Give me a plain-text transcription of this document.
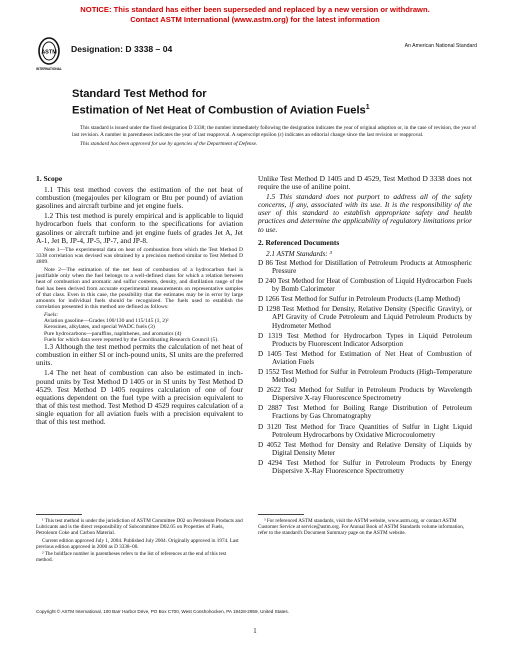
NOTICE: This standard has either been superseded and replaced by a new version or withdrawn.
Contact ASTM International (www.astm.org) for the latest information
ASTM
INTERNATIONAL
Designation: D 3338 – 04	An American National Standard
Standard Test Method for
Estimation of Net Heat of Combustion of Aviation Fuels$^1$

This standard is issued under the fixed designation D 3338; the number immediately following the designation indicates the year of original adoption or, in the case of revision, the year of last revision. A number in parentheses indicates the year of last reapproval. A superscript epsilon (ε) indicates an editorial change since the last revision or reapproval.

This standard has been approved for use by agencies of the Department of Defense.

1. Scope

1.1 This test method covers the estimation of the net heat of combustion (megajoules per kilogram or Btu per pound) of aviation gasolines and aircraft turbine and jet engine fuels.

1.2 This test method is purely empirical and is applicable to liquid hydrocarbon fuels that conform to the specifications for aviation gasolines or aircraft turbine and jet engine fuels of grades Jet A, Jet A-1, Jet B, JP-4, JP-5, JP-7, and JP-8.

Note 1—The experimental data on heat of combustion from which the Test Method D 3338 correlation was devised was obtained by a precision method similar to Test Method D 4809.

Note 2—The estimation of the net heat of combustion of a hydrocarbon fuel is justifiable only when the fuel belongs to a well-defined class for which a relation between heat of combustion and aromatic and sulfur contents, density, and distillation range of the fuel has been derived from accurate experimental measurements on representative samples of that class. Even in this case, the possibility that the estimates may be in error by large amounts for individual fuels should be recognized. The fuels used to establish the correlation presented in this method are defined as follows:

Fuels:
Aviation gasoline—Grades 100/130 and 115/145 (1, 2)²
Kerosines, alkylates, and special WADC fuels (3)
Pure hydrocarbons—paraffins, naphthenes, and aromatics (4)
Fuels for which data were reported by the Coordinating Research Council (5).

1.3 Although the test method permits the calculation of net heat of combustion in either SI or inch-pound units, SI units are the preferred units.

1.4 The net heat of combustion can also be estimated in inch-pound units by Test Method D 1405 or in SI units by Test Method D 4529. Test Method D 1405 requires calculation of one of four equations dependent on the fuel type with a precision equivalent to that of this test method. Test Method D 4529 requires calculation of a single equation for all aviation fuels with a precision equivalent to that of this test method.

Unlike Test Method D 1405 and D 4529, Test Method D 3338 does not require the use of aniline point.

1.5 This standard does not purport to address all of the safety concerns, if any, associated with its use. It is the responsibility of the user of this standard to establish appropriate safety and health practices and determine the applicability of regulatory limitations prior to use.

2. Referenced Documents

2.1 ASTM Standards: ³

D 86 Test Method for Distillation of Petroleum Products at Atmospheric Pressure

D 240 Test Method for Heat of Combustion of Liquid Hydrocarbon Fuels by Bomb Calorimeter

D 1266 Test Method for Sulfur in Petroleum Products (Lamp Method)

D 1298 Test Method for Density, Relative Density (Specific Gravity), or API Gravity of Crude Petroleum and Liquid Petroleum Products by Hydrometer Method

D 1319 Test Method for Hydrocarbon Types in Liquid Petroleum Products by Fluorescent Indicator Adsorption

D 1405 Test Method for Estimation of Net Heat of Combustion of Aviation Fuels

D 1552 Test Method for Sulfur in Petroleum Products (High-Temperature Method)

D 2622 Test Method for Sulfur in Petroleum Products by Wavelength Dispersive X-ray Fluorescence Spectrometry

D 2887 Test Method for Boiling Range Distribution of Petroleum Fractions by Gas Chromatography

D 3120 Test Method for Trace Quantities of Sulfur in Light Liquid Petroleum Hydrocarbons by Oxidative Microcoulometry

D 4052 Test Method for Density and Relative Density of Liquids by Digital Density Meter

D 4294 Test Method for Sulfur in Petroleum Products by Energy Dispersive X-Ray Fluorescence Spectrometry

¹ This test method is under the jurisdiction of ASTM Committee D02 on Petroleum Products and Lubricants and is the direct responsibility of Subcommittee D02.05 on Properties of Fuels, Petroleum Coke and Carbon Material.

Current edition approved July 1, 2004. Published July 2004. Originally approved in 1974. Last previous edition approved in 2000 as D 3338–00.

² The boldface number in parentheses refers to the list of references at the end of this test method.

³ For referenced ASTM standards, visit the ASTM website, www.astm.org, or contact ASTM Customer Service at service@astm.org. For Annual Book of ASTM Standards volume information, refer to the standard's Document Summary page on the ASTM website.

Copyright © ASTM International, 100 Barr Harbor Drive, PO Box C700, West Conshohocken, PA 19428-2959, United States.
1
